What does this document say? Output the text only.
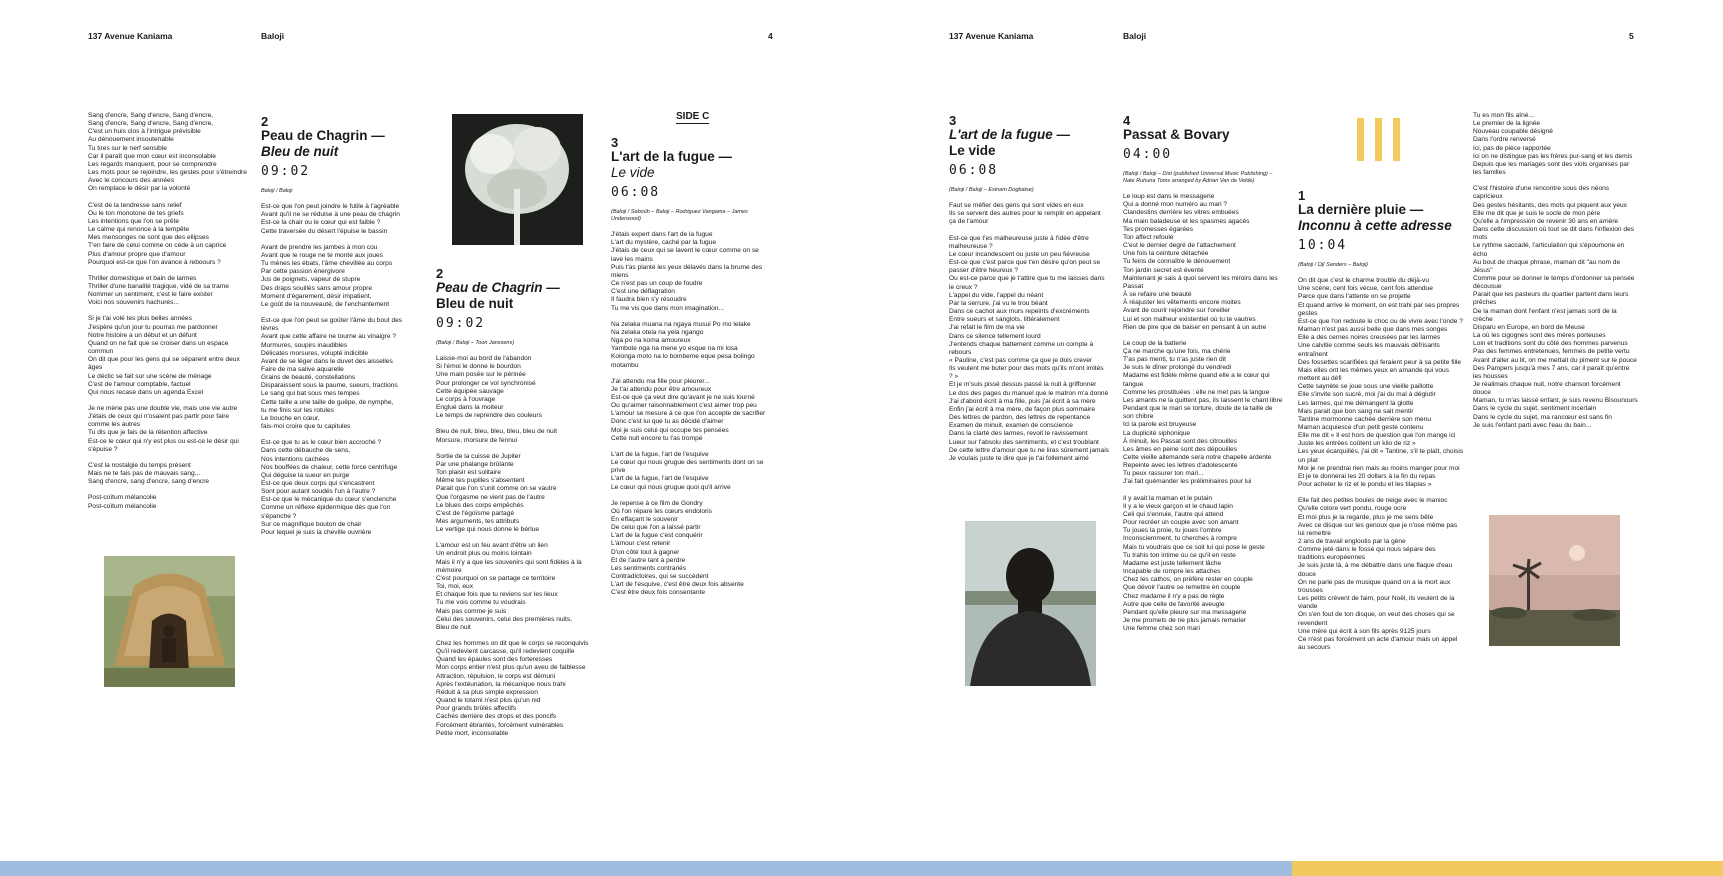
137 Avenue Kaniama	Baloji	4	137 Avenue Kaniama	Baloji	5

Sang d'encre, Sang d'encre, Sang d'encre,
Sang d'encre, Sang d'encre, Sang d'encre,
C'est un huis clos à l'intrigue prévisible
Au dénouement insoutenable
Tu tires sur le nerf sensible
Car il paraît que mon cœur est inconsolable
Les regards manquent, pour se comprendre
Les mots pour se rejoindre, les gestes pour s'étreindre
Avec le concours des années
On remplace le désir par la volonté

C'est de la tendresse sans relief
Ou le ton monotone de tes griefs
Les intentions que l'on se prête
Le calme qui renonce à la tempête
Mes mensonges ne sont que des ellipses
T'en faire de celui comme on cède à un caprice
Plus d'amour propre que d'amour
Pourquoi est-ce que l'on avance à reboours ?

Thriller domestique et bain de larmes
Thriller d'une banalité tragique, vidé de sa trame
Nommer un sentiment, c'est le faire exister
Voici nos souvenirs hachurés...

Si je t'ai volé tes plus belles années
J'espère qu'un jour tu pourras me pardonner
Notre histoire a un début et un défunt
Quand on ne fait que se croiser dans un espace commun
On dit que pour les gens qui se séparent entre deux âges
Le déclic se fait sur une scène de ménage
C'est de l'amour comptable, factuel
Qui nous recase dans un agenda Excel

Je ne mène pas une double vie, mais une vie autre
J'étais de ceux qui n'osaient pas partir pour faire comme les autres
Tu dis que je fais de la rétention affective
Est-ce le cœur qui n'y est plus ou est-ce le désir qui s'épuise ?

C'est la nostalgie du temps présent
Mais ne te fais pas de mauvais sang...
Sang d'encre, sang d'encre, sang d'encre

Post-coïtum mélancolie
Post-coïtum mélancolie

2
Peau de Chagrin —
Bleu de nuit
09:02
Baloji / Baloji

Est-ce que l'on peut joindre le futile à l'agréable
Avant qu'il ne se réduise à une peau de chagrin
Est-ce la chair ou le cœur qui est faible ?
Cette traversée du désert l'épuise le bassin

Avant de prendre les jambes à mon cou
Avant que le rouge ne te monte aux joues
Tu mènes les ébats, l'âme chevillée au corps
Par cette passion énergivore
Jus de poignets, vapeur de stupre
Des draps souillés sans amour propre
Moment d'égarement, désir impatient,
Le goût de la nouveauté, de l'enchantement

Est-ce que l'on peut se goûter l'âme du bout des lèvres
Avant que cette affaire ne tourne au vinaigre ?
Murmures, soupirs inaudibles
Délicates morsures, volupté indicible
Avant de se léger dans le duvet des aisselles
Faire de ma salive aquarelle
Grains de beauté, constellations
Disparaissent sous la paume, sueurs, tractions
Le sang qui bat sous mes tempes
Cette taille a une taille de guêpe, de nymphe,
tu me finis sur les rotules
Le bouche en cœur,
fais-moi croire que tu capitules

Est-ce que tu as le cœur bien accroché ?
Dans cette débauche de sens,
Nos intentions cachées
Nos bouffées de chaleur, cette force centrifuge
Qui déguise la sueur en purge
Est-ce que deux corps qui s'encastrent
Sont pour autant soudés l'un à l'autre ?
Est-ce que le mécanique du cœur s'enclenche
Comme un réflexe épidermique dès que l'on s'épanche ?
Sur ce magnifique bouton de chair
Pour lequel je suis la cheville ouvrière

2
Peau de Chagrin —
Bleu de nuit
09:02
(Baloji / Baloji – Toon Janssens)

Laisse-moi au bord de l'abandon
Si l'émoi le donne le bourdon
Une main posée sur le périnée
Pour prolonger ce vol synchronisé
Cette équipée sauvage
Le corps à l'ouvrage
Englué dans la moiteur
Le temps de reprendre des couleurs

Bleu de nuit, bleu, bleu, bleu, bleu de nuit
Morsure, morsure de fennui

Sortie de la cuisse de Jupiter
Par une phalange brûlante
Ton plaisir est solitaire
Même tes pupilles s'absentent
Parait que l'on s'unit comme on se vautre
Que l'orgasme ne vient pas de l'autre
Le blues des corps empêchés
C'est de l'égoïsme partagé
Mes arguments, tes attributs
Le vertige qui nous donne le bérlue

L'amour est un feu avant d'être un lien
Un endroit plus ou moins lointain
Mais il n'y a que les souvenirs qui sont fidèles à la mémoire
C'est pourquoi on se partage ce territoire
Toi, moi, eux
Et chaque fois que tu reviens sur les lieux
Tu me vois comme tu voudrais
Mais pas comme je suis
Celui des souvenirs, celui des premières nuits,
Bleu de nuit

Chez les hommes on dit que le corps se reconquivis
Qu'il redevient carcasse, qu'il redevient coquille
Quand les épaules sont des forteresses
Mon corps entier n'est plus qu'un aveu de faiblesse
Attraction, répulsion, le corps est démuni
Après l'extéunation, la mécanique nous trahi
Réduit à sa plus simple expression
Quand le totami n'est plus qu'un nid
Pour grands brûlés affectifs
Cachés derrière des drops et des poncifs
Forcément ébranlés, forcément vulnérables
Petite mort, inconsolable

SIDE C
3
L'art de la fugue —
Le vide
06:08
(Baloji / Saboüh – Baloji – Rodriguez Vangama – James Underwood)

J'étais expert dans l'art de la fugue
L'art du mystère, caché par la fugue
J'étais de ceux qui se lavent le cœur comme on se lave les mains
Puis t'as planté les yeux délavés dans la brume des miens
Ce n'est pas un coup de foudre
C'est une déflagration
Il faudra bien s'y résoudre
Tu me vis que dans mon imagination...

Na zelaka muana na ngaya musui Po mo lelake
Na zelaka otela na yela ngango
Nga po na koma amoureux
Yambote nga na mene yo esque na mi losa
Kolonga moto na lo bombeme eque pesa bolingo motambu

J'ai attendu ma fille pour pleurer...
Je t'ai attendu pour être amoureux
Est-ce que ça veut dire qu'avant je ne suis lourné
Ou qu'aimer raisonnablement c'est aimer trop peu
L'amour se mesure à ce que l'on accepte de sacrifier
Donc c'est lui que tu as décidé d'aimer
Moi je suis celui qui occupe tes pensées
Cette nuit encore tu l'as trompé

L'art de la fugue, l'art de l'esquive
Le cœur qui nous grugue des sentiments dont on se prive
L'art de la fugue, l'art de l'esquive
Le cœur qui nous grugue quoi qu'il arrive

Je repense à ce film de Gondry
Où l'on répare les cœurs endoloris
En effaçant le souvenir
De celui que l'on a laissé partir
L'art de la fugue c'est conquérir
L'amour c'est retenir
D'un côté tout à gagner
Et de l'autre tant à perdre
Les sentiments contrariés
Contradictoires, qui se succèdent
L'art de l'esquive, c'est être deux fois absente
C'est être deux fois consentante

3
L'art de la fugue —
Le vide
06:08
(Baloji / Baloji – Esinam Dogbatse)

Faut se méfier des gens qui sont vides en eux
Ils se servent des autres pour le remplir en appelant ça de l'amour

Est-ce que t'es malheureuse juste à l'idée d'être malheureuse ?
Le cœur incandescent ou juste un peu fiévreuse
Est-ce que c'est parce que t'en désire qu'on peut se passer d'être heureux ?
Ou est-ce parce que je t'attire que tu me laisses dans le creux ?
L'appel du vide, l'appel du néant
Par la serrure, j'ai vu le trou béant
Dans ce cachot aux murs repeints d'excréments
Entre sueurs et sanglots, littéralement
J'ai refait le film de ma vie
Dans ce silence tellement lourd
J'entends chaque battement comme un compte à rebours
« Pauline, c'est pas comme ça que je dois crever
Ils veulent me buter pour des mots qu'ils m'ont imités ? »
Et je m'suis pissé dessus passé la nuit à griffonner
Le dos des pages du manuel que le matron m'a donné
J'ai d'abord écrit à ma fille, puis j'ai écrit à sa mère
Enfin j'ai écrit à ma mère, de façon plus sommaire
Des lettres de pardon, des lettres de repentance
Examen de minuit, examen de conscience
Dans la clarté des larmes, revoit le ravissement
Lueur sur l'absolu des sentiments, et c'est troublant
De cette lettre d'amour que tu ne liras sûrement jamais
Je voulais juste te dire que je t'ai follement aimé

4
Passat & Bovary
04:00
(Baloji / Baloji – Dist (published Universal Music Publishing) – Nate Ruhuna Toms arranged by Adrian Van de Velde)

Le loup est dans le messagerie
Qui a donné mon numéro au mari ?
Clandestins derrière les vitres embuées
Ma main baladeuse et les spasmes agacés
Tes promesses égarées
Ton affect refoulé
C'est le dernier degré de l'attachement
Une fois la ceinture détachée
Tu feins de connaître le dénouement
Ton jardin secret est éventé
Maintenant je sais à quoi servent les miroirs dans les Passat
À se refaire une beauté
À réajuster les vêtements encore moites
Avant de courir rejoindre sur l'oreiller
Lui et son malheur existentiel où tu te vautres
Rien de pire que de baiser en pensant à un autre

Le coup de la batterie
Ça ne marche qu'une fois, ma chérie
T'as pas menti, tu n'as juste rien dit
Je suis le dîner prolongé du vendredi
Madame est fidèle même quand elle a le cœur qui tangue
Comme les prostituées : elle ne met pas la langue
Les amants ne la quittent pas, ils laissent le chant libre
Pendant que le mari se torture, doute de la taille de son chibre
Ici la parole est bruyeuse
La duplicité siphonique
À minuit, les Passat sont des citrouilles
Les âmes en peine sont des dépouilles
Cette vieille allemande sera notre chapelle ardente
Repeinte avec les lettres d'adolescente
Tu peux rassurer ton mari...
J'ai fait quémander les préliminaires pour lui

Il y avait la maman et le putain
Il y a le vieux garçon et le chaud lapin
Celi qui s'ennuie, l'autre qui attend
Pour recréer un couple avec son amant
Tu joues la proie, tu joues l'ombre
Inconsciemment, tu cherches à rompre
Mais tu voudrais que ce soit lui qui pose le geste
Tu trahis ton intime ou ce qu'il en reste
Madame est juste tellement lâche
Incapable de rompre les attaches
Chez les cathos, on préfère rester en couple
Que dévoir l'autre se remettre en couple
Chez madame il n'y a pas de règle
Autre que celle de favorité aveugle
Pendant qu'elle pleure sur ma messagerie
Je me promets de ne plus jamais remarier
Une femme chez son mari

1
La dernière pluie —
Inconnu à cette adresse
10:04
(Baloji / Djî Sanders – Baloji)

On dit que c'est le charme trouble du déjà-vu
Une scène, cent fois vécue, cent fois attendue
Parce que dans l'attente on se projette
Et quand arrive le moment, on est trahi par ses propres gestes
Est-ce que l'on redoute le choc ou de vivre avec l'onde ?
Maman n'est pas aussi belle que dans mes songes
Elle a des cernes noires creusées par les larmes
Une calvitie comme seuls les mauvais défrisants entraînent
Des fossettes scarifiées qui feraient peur à sa petite fille
Mais elles ont les mêmes yeux en amande qui vous mettent au défi
Cette saynète se joue sous une vieille paillotte
Elle s'invite son sucré, moi j'ai du mal à déglutir
Les larmes, qui me démangent la glotte
Mais parait que bon sang ne sait mentir
Tantine mormonne cachée derrière son menu
Maman acquiesce d'un petit geste contenu
Elle me dit « Il est hors de question que l'on mange ici
Juste les entrées coûtent un kilo de riz »
Les yeux écarquillés, j'ai dit « Tantine, s'il te plaît, choisis un plat
Moi je ne prendrai rien mais au moins manger pour moi
Et je te donnerai les 20 dollars à la fin du repas
Pour acheter le riz et le pondu et les tilapias »

Elle fait des petites boules de neige avec le manioc
Qu'elle colore vert pondu, rouge ocre
Et moi plus je la regarde, plus je me sens bête
Avec ce disque sur les genoux que je n'ose même pas lui remettre
2 ans de travail engloutis par la gène
Comme jeté dans le fossé qui nous sépare des traditions européennes
Je suis juste là, à me débattre dans une flaque d'eau douce
On ne parle pas de musique quand on a la mort aux trousses
Les petits crèvent de faim, pour Noël, ils veulent de la viande
On s'en fout de ton disque, on veut des choses qui se revendent
Une mère qui écrit à son fils après 9125 jours
Ce n'est pas forcément un acte d'amour mais un appel au secours

Tu es mon fils aîné...
Le premier de la lignée
Nouveau coupable désigné
Dans l'ordre renversé
Ici, pas de pièce rapportée
Ici on ne distingue pas les frères pur-sang et les demis
Depuis que les mariages sont des viols organisés par les familles

C'est l'histoire d'une rencontre sous des néons capricieux
Des gestes hésitants, des mots qui piquent aux yeux
Elle me dit que je suis le socle de mon père
Qu'elle a l'impression de revenir 30 ans en arrière
Dans cette discussion où tout se dit dans l'inflexion des mots
Le rythme saccadé, l'articulation qui s'époumone en écho
Au bout de chaque phrase, maman dit "au nom de Jésus"
Comme pour se donner le temps d'ordonner sa pensée décousue
Parait que les pasteurs du quartier partent dans leurs prêches
De la maman dont l'enfant n'est jamais sorti de la crèche
Disparu en Europe, en bord de Meuse
La où les cigognes sont des mères porteuses
Loin et traditions sont du côté des hommes parvenus
Pas des femmes entretenues, femmes de petite vertu
Avant d'aller au lit, on me mettait du piment sur le pouce
Des Pampers jusqu'à mes 7 ans, car il paraît qu'entre les housses
Je réalimais chaque nuit, notre chanson forcément douce
Maman, tu m'as laissé enfant, je suis revenu Bisounours
Dans le cycle du sujet, sentiment incertain
Dans le cycle du sujet, ma rancœur est sans fin
Je suis l'enfant parti avec l'eau du bain...
